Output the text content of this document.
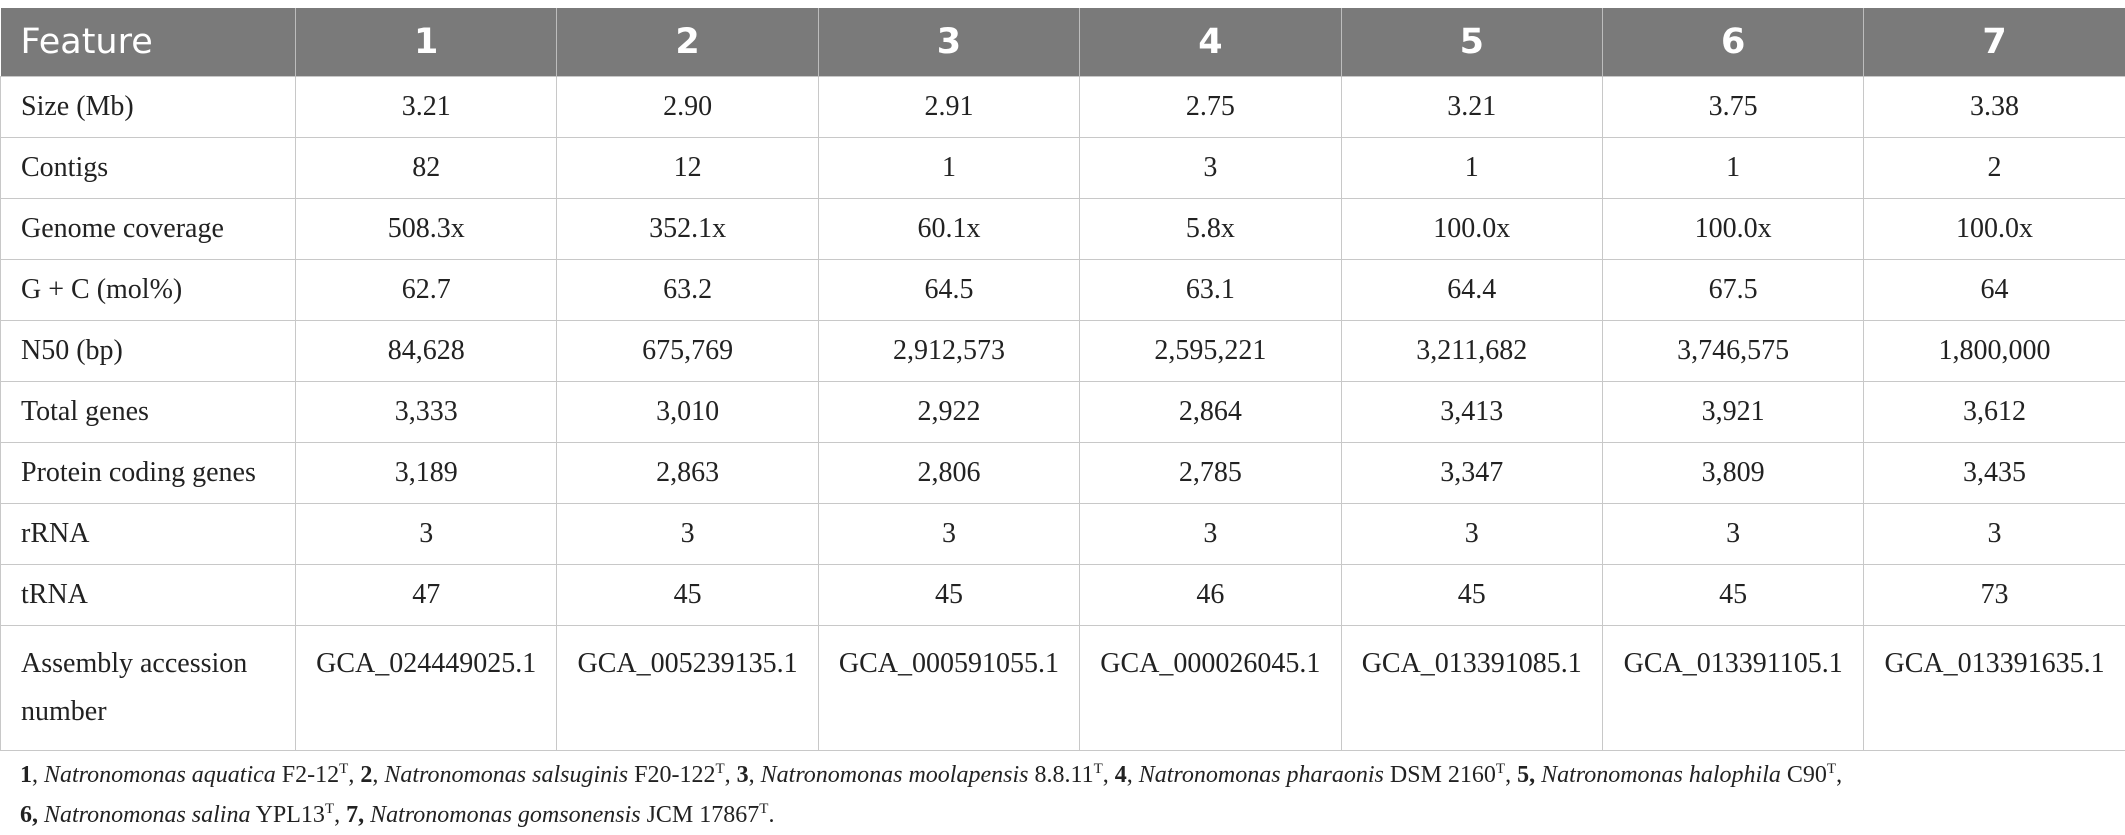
Feature	1	2	3	4	5	6	7
Size (Mb)	3.21	2.90	2.91	2.75	3.21	3.75	3.38
Contigs	82	12	1	3	1	1	2
Genome coverage	508.3x	352.1x	60.1x	5.8x	100.0x	100.0x	100.0x
G + C (mol%)	62.7	63.2	64.5	63.1	64.4	67.5	64
N50 (bp)	84,628	675,769	2,912,573	2,595,221	3,211,682	3,746,575	1,800,000
Total genes	3,333	3,010	2,922	2,864	3,413	3,921	3,612
Protein coding genes	3,189	2,863	2,806	2,785	3,347	3,809	3,435
rRNA	3	3	3	3	3	3	3
tRNA	47	45	45	46	45	45	73
Assembly accession
number	GCA_024449025.1	GCA_005239135.1	GCA_000591055.1	GCA_000026045.1	GCA_013391085.1	GCA_013391105.1	GCA_013391635.1
1, Natronomonas aquatica $F2-12^T$, 2, Natronomonas salsuginis $F20-122^T$, 3, Natronomonas moolapensis $8.8.11^T$, 4, Natronomonas pharaonis DSM $2160^T$, 5, Natronomonas halophila $C90^T$,
6, Natronomonas salina $YPL13^T$, 7, Natronomonas gomsonensis JCM $17867^T$.
